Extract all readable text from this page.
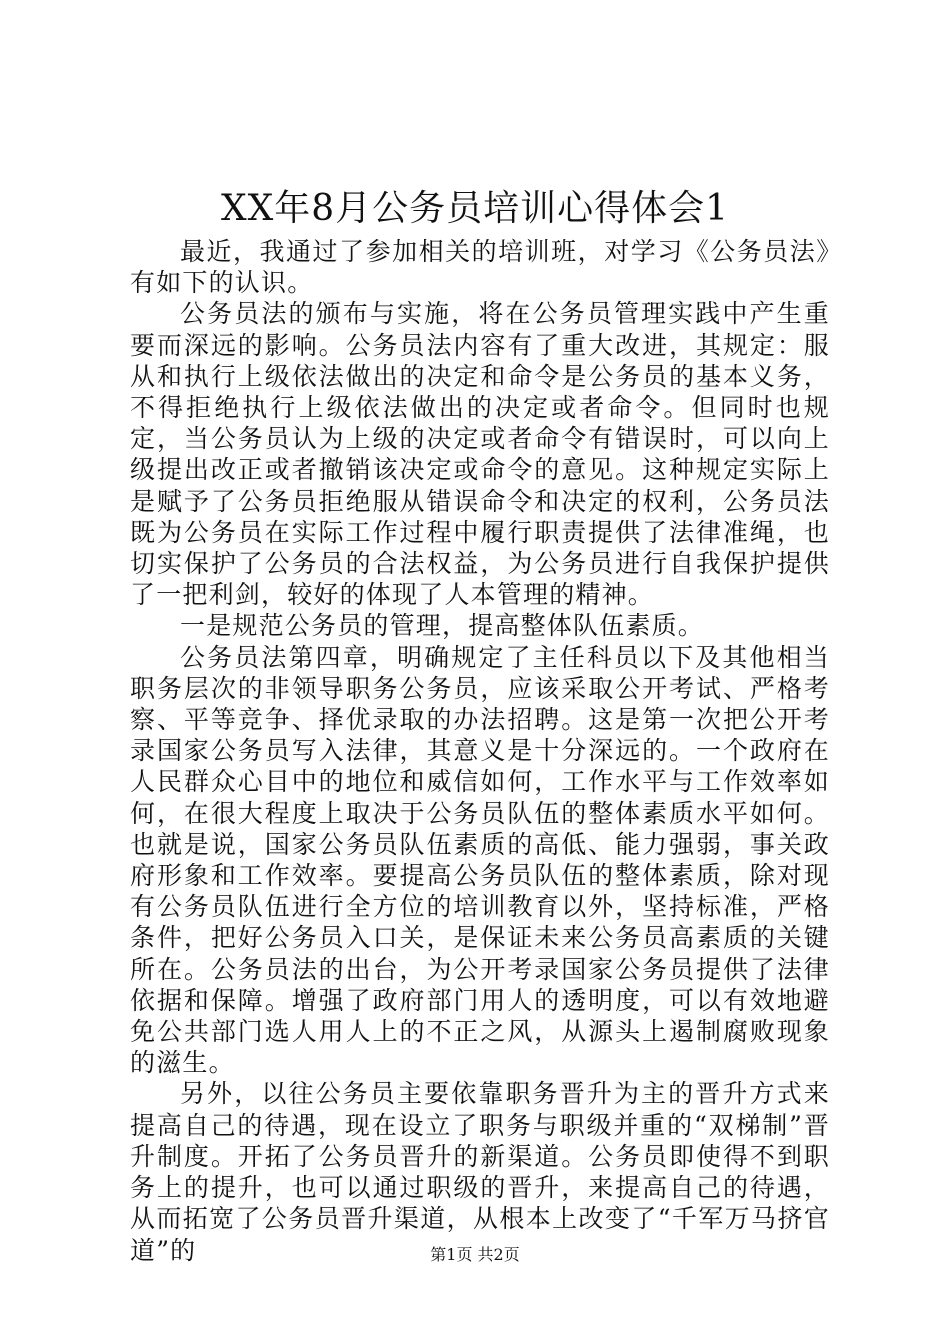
XX年8月公务员培训心得体会1

最近，我通过了参加相关的培训班，对学习《公务员法》有如下的认识。

公务员法的颁布与实施，将在公务员管理实践中产生重要而深远的影响。公务员法内容有了重大改进，其规定：服从和执行上级依法做出的决定和命令是公务员的基本义务，不得拒绝执行上级依法做出的决定或者命令。但同时也规定，当公务员认为上级的决定或者命令有错误时，可以向上级提出改正或者撤销该决定或命令的意见。这种规定实际上是赋予了公务员拒绝服从错误命令和决定的权利，公务员法既为公务员在实际工作过程中履行职责提供了法律准绳，也切实保护了公务员的合法权益，为公务员进行自我保护提供了一把利剑，较好的体现了人本管理的精神。

一是规范公务员的管理，提高整体队伍素质。

公务员法第四章，明确规定了主任科员以下及其他相当职务层次的非领导职务公务员，应该采取公开考试、严格考察、平等竞争、择优录取的办法招聘。这是第一次把公开考录国家公务员写入法律，其意义是十分深远的。一个政府在人民群众心目中的地位和威信如何，工作水平与工作效率如何，在很大程度上取决于公务员队伍的整体素质水平如何。也就是说，国家公务员队伍素质的高低、能力强弱，事关政府形象和工作效率。要提高公务员队伍的整体素质，除对现有公务员队伍进行全方位的培训教育以外，坚持标准，严格条件，把好公务员入口关，是保证未来公务员高素质的关键所在。公务员法的出台，为公开考录国家公务员提供了法律依据和保障。增强了政府部门用人的透明度，可以有效地避免公共部门选人用人上的不正之风，从源头上遏制腐败现象的滋生。

另外，以往公务员主要依靠职务晋升为主的晋升方式来提高自己的待遇，现在设立了职务与职级并重的“双梯制”晋升制度。开拓了公务员晋升的新渠道。公务员即使得不到职务上的提升，也可以通过职级的晋升，来提高自己的待遇，从而拓宽了公务员晋升渠道，从根本上改变了“千军万马挤官道”的	第1页 共2页
